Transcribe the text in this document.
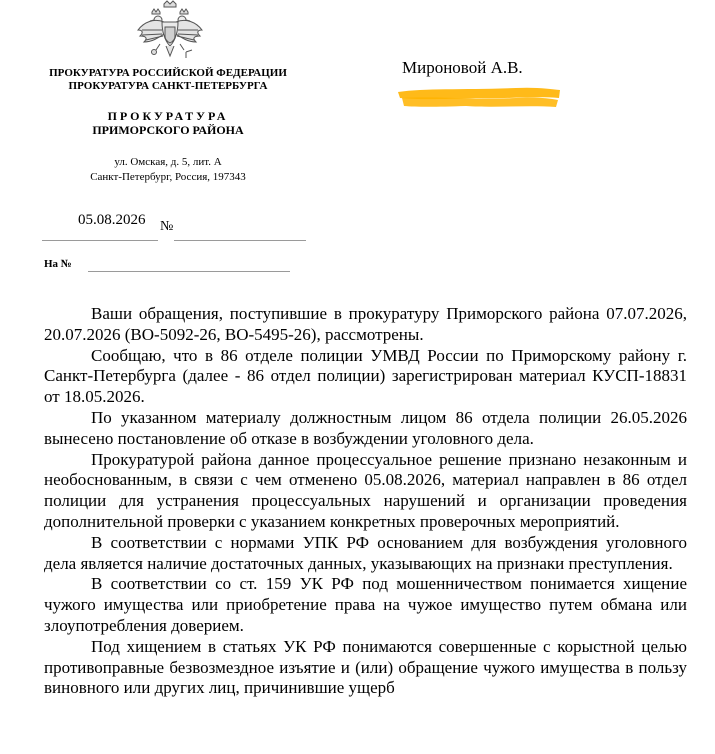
ПРОКУРАТУРА РОССИЙСКОЙ ФЕДЕРАЦИИ
ПРОКУРАТУРА САНКТ-ПЕТЕРБУРГА
ПРОКУРАТУРА
ПРИМОРСКОГО РАЙОНА
ул. Омская, д. 5, лит. А
Санкт-Петербург, Россия, 197343
05.08.2026 №
На №
Мироновой А.В.

Ваши обращения, поступившие в прокуратуру Приморского района 07.07.2026, 20.07.2026 (ВО-5092-26, ВО-5495-26), рассмотрены.

Сообщаю, что в 86 отделе полиции УМВД России по Приморскому району г. Санкт-Петербурга (далее - 86 отдел полиции) зарегистрирован материал КУСП-18831 от 18.05.2026.

По указанном материалу должностным лицом 86 отдела полиции 26.05.2026 вынесено постановление об отказе в возбуждении уголовного дела.

Прокуратурой района данное процессуальное решение признано незаконным и необоснованным, в связи с чем отменено 05.08.2026, материал направлен в 86 отдел полиции для устранения процессуальных нарушений и организации проведения дополнительной проверки с указанием конкретных проверочных мероприятий.

В соответствии с нормами УПК РФ основанием для возбуждения уголовного дела является наличие достаточных данных, указывающих на признаки преступления.

В соответствии со ст. 159 УК РФ под мошенничеством понимается хищение чужого имущества или приобретение права на чужое имущество путем обмана или злоупотребления доверием.

Под хищением в статьях УК РФ понимаются совершенные с корыстной целью противоправные безвозмездное изъятие и (или) обращение чужого имущества в пользу виновного или других лиц, причинившие ущерб
